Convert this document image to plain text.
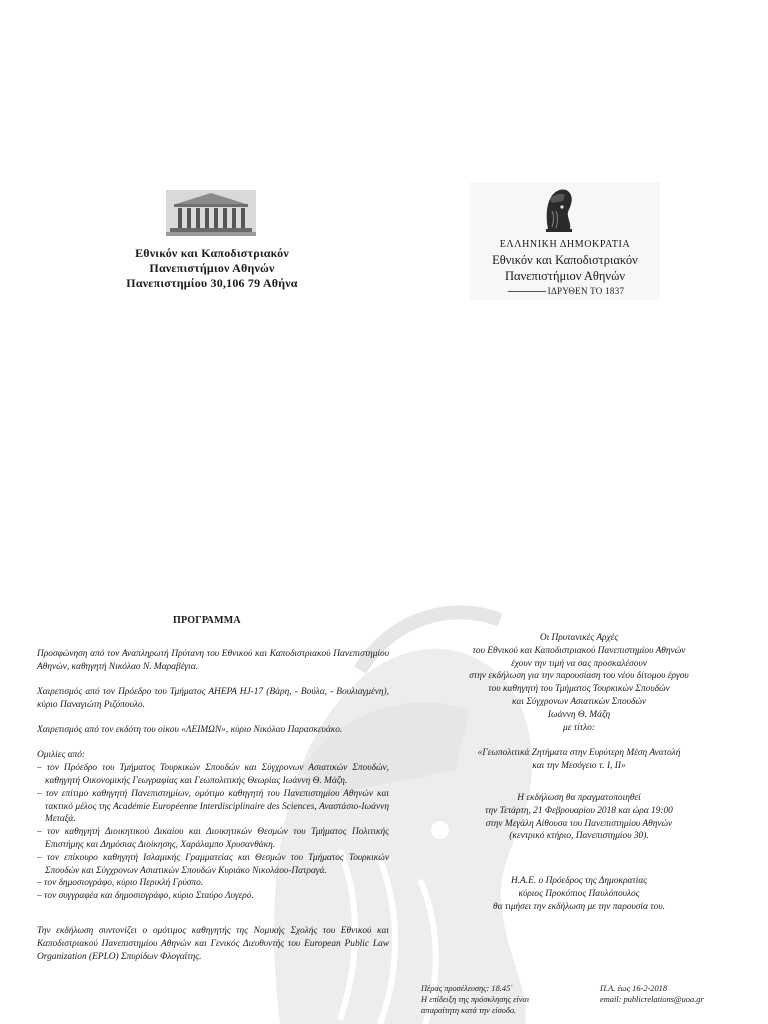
Εθνικόν και Καποδιστριακόν
Πανεπιστήμιον Αθηνών
Πανεπιστημίου 30,106 79 Αθήνα
ΕΛΛΗΝΙΚΗ ΔΗΜΟΚΡΑΤΙΑ
Εθνικόν και Καποδιστριακόν
Πανεπιστήμιον Αθηνών
ΙΔΡΥΘΕΝ ΤΟ 1837
ΠΡΟΓΡΑΜΜΑ

Προσφώνηση από τον Αναπληρωτή Πρύτανη του Εθνικού και Καποδιστριακού Πανεπιστημίου Αθηνών, καθηγητή Νικόλαο Ν. Μαραβέγια.

Χαιρετισμός από τον Πρόεδρο του Τμήματος ΑΗΕΡΑ ΗJ-17 (Βάρη, - Βούλα, - Βουλιαγμένη), κύριο Παναγιώτη Ριζόπουλο.

Χαιρετισμός από τον εκδότη του οίκου «ΛΕΙΜΩΝ», κύριο Νικόλαο Παρασκευάκο.

Ομιλίες από:
– τον Πρόεδρο του Τμήματος Τουρκικών Σπουδών και Σύγχρονων Ασιατικών Σπουδών, καθηγητή Οικονομικής Γεωγραφίας και Γεωπολιτικής Θεωρίας Ιωάννη Θ. Μάζη.
– τον επίτιμο καθηγητή Πανεπιστημίων, ομότιμο καθηγητή του Πανεπιστημίου Αθηνών και τακτικό μέλος της Académie Européenne Interdisciplinaire des Sciences, Αναστάσιο-Ιωάννη Μεταξά.
– τον καθηγητή Διοικητικού Δικαίου και Διοικητικών Θεσμών του Τμήματος Πολιτικής Επιστήμης και Δημόσιας Διοίκησης, Χαράλαμπο Χρυσανθάκη.
– τον επίκουρο καθηγητή Ισλαμικής Γραμματείας και Θεσμών του Τμήματος Τουρκικών Σπουδών και Σύγχρονων Ασιατικών Σπουδών Κυριάκο Νικολάου-Πατραγά.
– τον δημοσιογράφο, κύριο Περικλή Γρύσπο.
– τον συγγραφέα και δημοσιογράφο, κύριο Σταύρο Λυγερό.

Την εκδήλωση συντονίζει ο ομότιμος καθηγητής της Νομικής Σχολής του Εθνικού και Καποδιστριακού Πανεπιστημίου Αθηνών και Γενικός Διευθυντής του European Public Law Organization (EPLO) Σπυρίδων Φλογαΐτης.

Οι Πρυτανικές Αρχές
του Εθνικού και Καποδιστριακού Πανεπιστημίου Αθηνών
έχουν την τιμή να σας προσκαλέσουν
στην εκδήλωση για την παρουσίαση του νέου δίτομου έργου
του καθηγητή του Τμήματος Τουρκικών Σπουδών
και Σύγχρονων Ασιατικών Σπουδών
Ιωάννη Θ. Μάζη
με τίτλο:
«Γεωπολιτικά Ζητήματα στην Ευρύτερη Μέση Ανατολή
και την Μεσόγειο τ. Ι, ΙΙ»
Η εκδήλωση θα πραγματοποιηθεί
την Τετάρτη, 21 Φεβρουαρίου 2018 και ώρα 19:00
στην Μεγάλη Αίθουσα του Πανεπιστημίου Αθηνών
(κεντρικό κτήριο, Πανεπιστημίου 30).
Η.Α.Ε. ο Πρόεδρος της Δημοκρατίας
κύριος Προκόπιος Παυλόπουλος
θα τιμήσει την εκδήλωση με την παρουσία του.
Πέρας προσέλευσης: 18.45΄
Η επίδειξη της πρόσκλησης είναι
απαραίτητη κατά την είσοδο.
Π.Α. έως 16-2-2018
email: publicrelations@uoa.gr
